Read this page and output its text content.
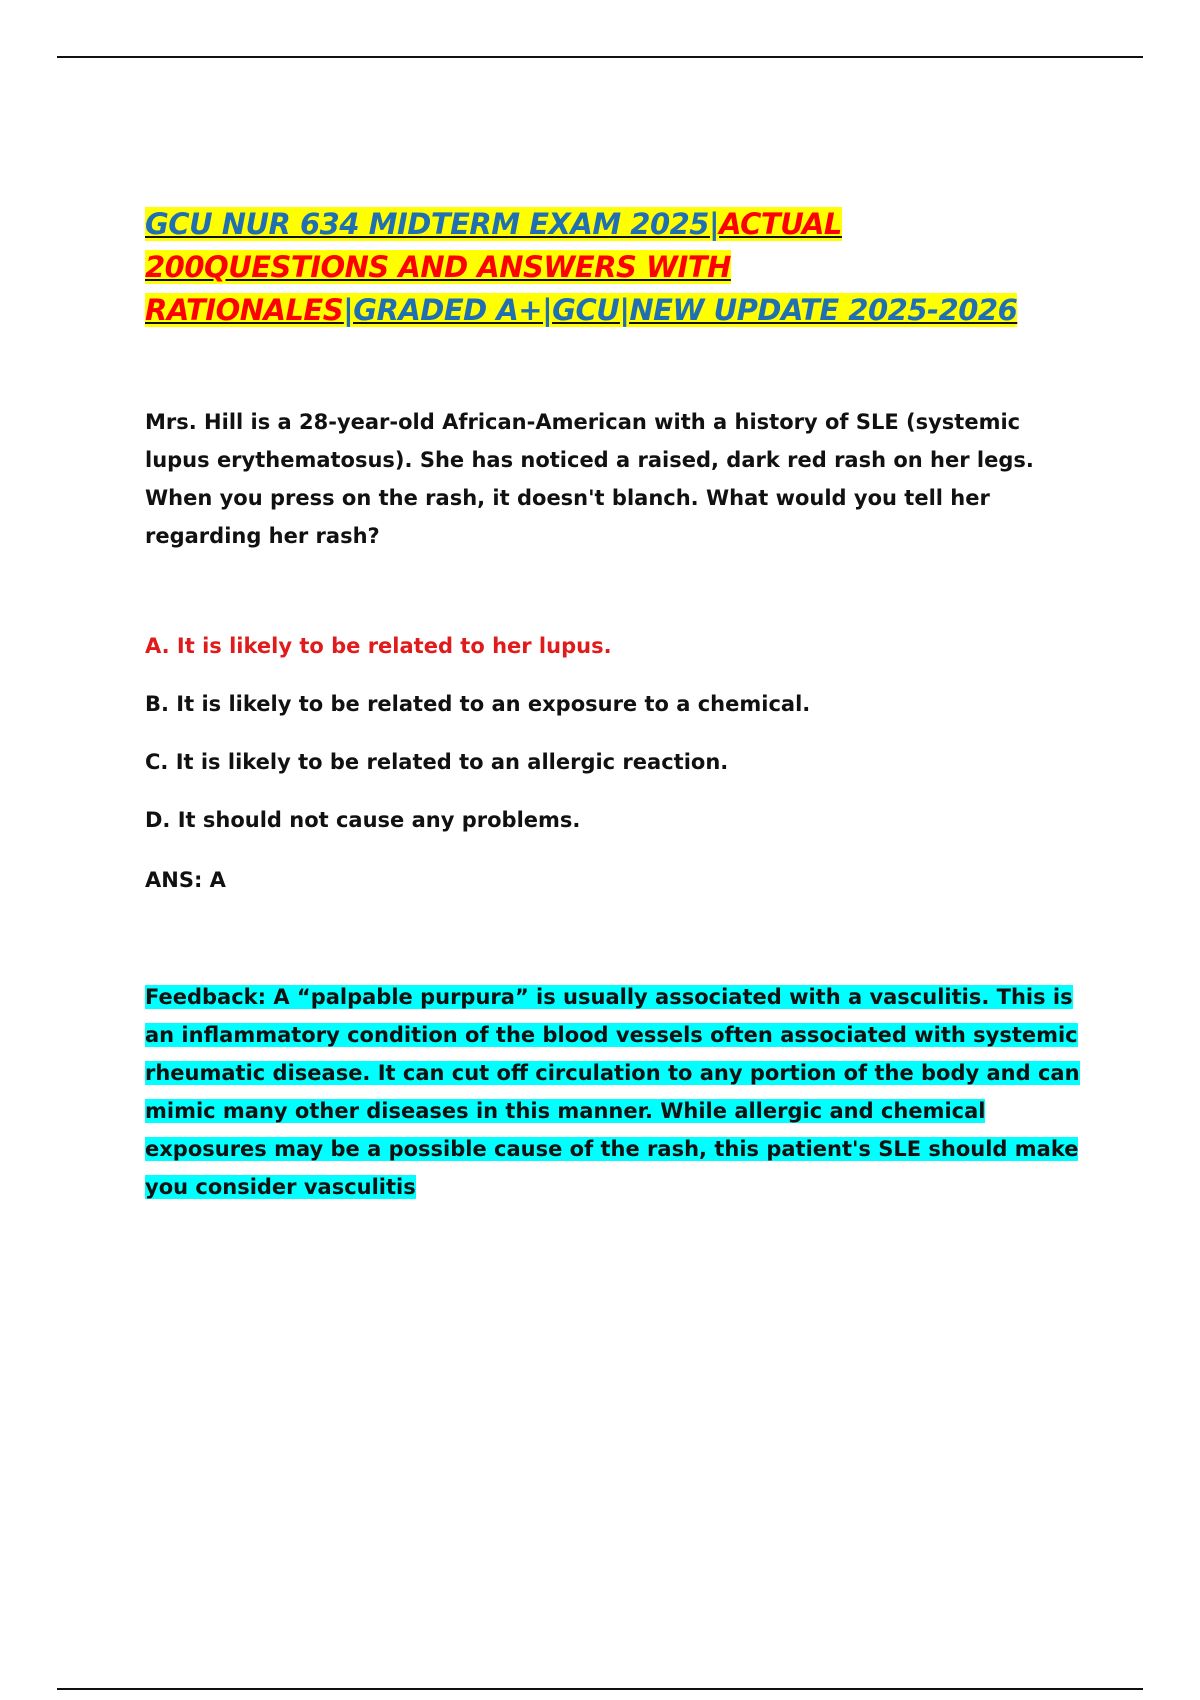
GCU NUR 634 MIDTERM EXAM 2025|ACTUAL 200QUESTIONS AND ANSWERS WITH RATIONALES|GRADED A+|GCU|NEW UPDATE 2025-2026
Mrs. Hill is a 28-year-old African-American with a history of SLE (systemic lupus erythematosus). She has noticed a raised, dark red rash on her legs. When you press on the rash, it doesn't blanch. What would you tell her regarding her rash?
A. It is likely to be related to her lupus.
B. It is likely to be related to an exposure to a chemical.
C. It is likely to be related to an allergic reaction.
D. It should not cause any problems.
ANS: A
Feedback: A “palpable purpura” is usually associated with a vasculitis. This is an inflammatory condition of the blood vessels often associated with systemic rheumatic disease. It can cut off circulation to any portion of the body and can mimic many other diseases in this manner. While allergic and chemical exposures may be a possible cause of the rash, this patient's SLE should make you consider vasculitis
